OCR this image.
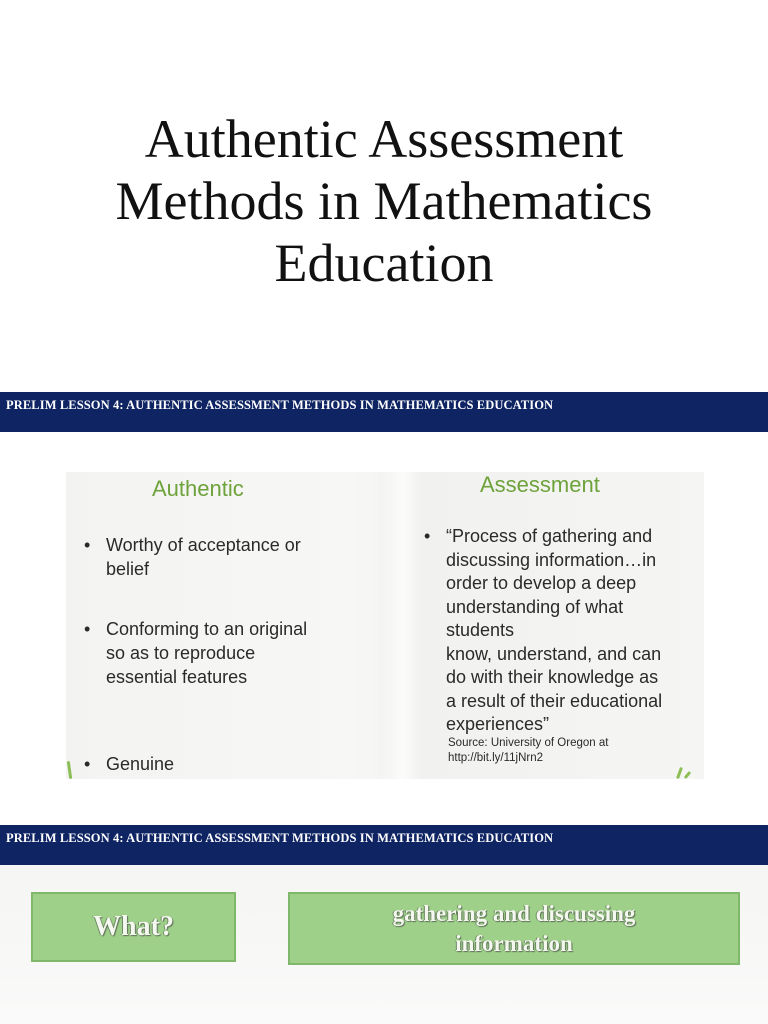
Authentic Assessment
Methods in Mathematics
Education
PRELIM LESSON 4: AUTHENTIC ASSESSMENT METHODS IN MATHEMATICS EDUCATION
Authentic	Assessment
• Worthy of acceptance or belief
• Conforming to an original so as to reproduce essential features
• Genuine
• “Process of gathering and
discussing information…in
order to develop a deep
understanding of what
students
know, understand, and can
do with their knowledge as
a result of their educational
experiences”
Source: University of Oregon at
http://bit.ly/11jNrn2
PRELIM LESSON 4: AUTHENTIC ASSESSMENT METHODS IN MATHEMATICS EDUCATION
What?	gathering and discussing
information
